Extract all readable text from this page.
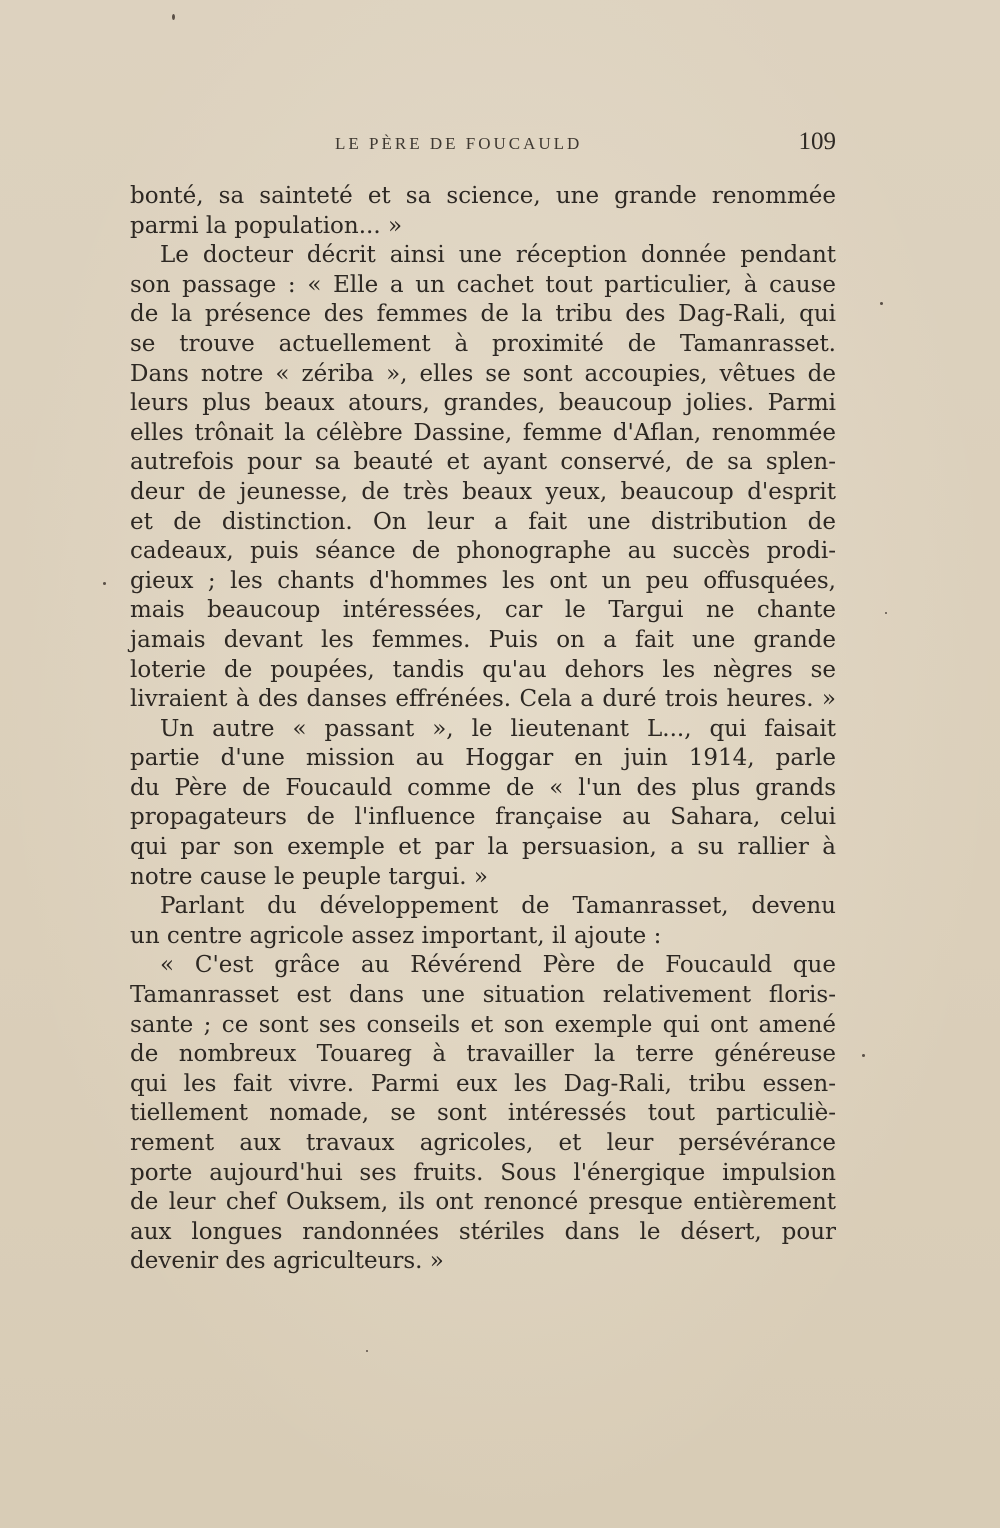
LE PÈRE DE FOUCAULD	109
bonté, sa sainteté et sa science, une grande renommée
parmi la population... »
Le docteur décrit ainsi une réception donnée pendant
son passage : « Elle a un cachet tout particulier, à cause
de la présence des femmes de la tribu des Dag-Rali, qui
se trouve actuellement à proximité de Tamanrasset.
Dans notre « zériba », elles se sont accoupies, vêtues de
leurs plus beaux atours, grandes, beaucoup jolies. Parmi
elles trônait la célèbre Dassine, femme d'Aflan, renommée
autrefois pour sa beauté et ayant conservé, de sa splen-
deur de jeunesse, de très beaux yeux, beaucoup d'esprit
et de distinction. On leur a fait une distribution de
cadeaux, puis séance de phonographe au succès prodi-
gieux ; les chants d'hommes les ont un peu offusquées,
mais beaucoup intéressées, car le Targui ne chante
jamais devant les femmes. Puis on a fait une grande
loterie de poupées, tandis qu'au dehors les nègres se
livraient à des danses effrénées. Cela a duré trois heures. »
Un autre « passant », le lieutenant L..., qui faisait
partie d'une mission au Hoggar en juin 1914, parle
du Père de Foucauld comme de « l'un des plus grands
propagateurs de l'influence française au Sahara, celui
qui par son exemple et par la persuasion, a su rallier à
notre cause le peuple targui. »
Parlant du développement de Tamanrasset, devenu
un centre agricole assez important, il ajoute :
« C'est grâce au Révérend Père de Foucauld que
Tamanrasset est dans une situation relativement floris-
sante ; ce sont ses conseils et son exemple qui ont amené
de nombreux Touareg à travailler la terre généreuse
qui les fait vivre. Parmi eux les Dag-Rali, tribu essen-
tiellement nomade, se sont intéressés tout particuliè-
rement aux travaux agricoles, et leur persévérance
porte aujourd'hui ses fruits. Sous l'énergique impulsion
de leur chef Ouksem, ils ont renoncé presque entièrement
aux longues randonnées stériles dans le désert, pour
devenir des agriculteurs. »
